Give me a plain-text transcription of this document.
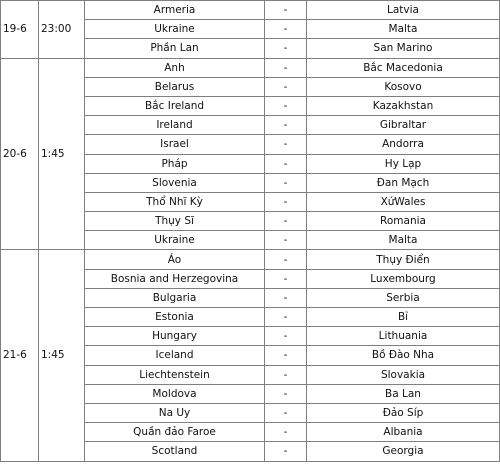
19-6	23:00	Armeria	-	Latvia
		Ukraine	-	Malta
		Phần Lan	-	San Marino
20-6	1:45	Anh	-	Bắc Macedonia
		Belarus	-	Kosovo
		Bắc Ireland	-	Kazakhstan
		Ireland	-	Gibraltar
		Israel	-	Andorra
		Pháp	-	Hy Lạp
		Slovenia	-	Đan Mạch
		Thổ Nhĩ Kỳ	-	XứWales
		Thụy Sĩ	-	Romania
		Ukraine	-	Malta
21-6	1:45	Áo	-	Thụy Điển
		Bosnia and Herzegovina	-	Luxembourg
		Bulgaria	-	Serbia
		Estonia	-	Bỉ
		Hungary	-	Lithuania
		Iceland	-	Bồ Đào Nha
		Liechtenstein	-	Slovakia
		Moldova	-	Ba Lan
		Na Uy	-	Đảo Síp
		Quần đảo Faroe	-	Albania
		Scotland	-	Georgia
